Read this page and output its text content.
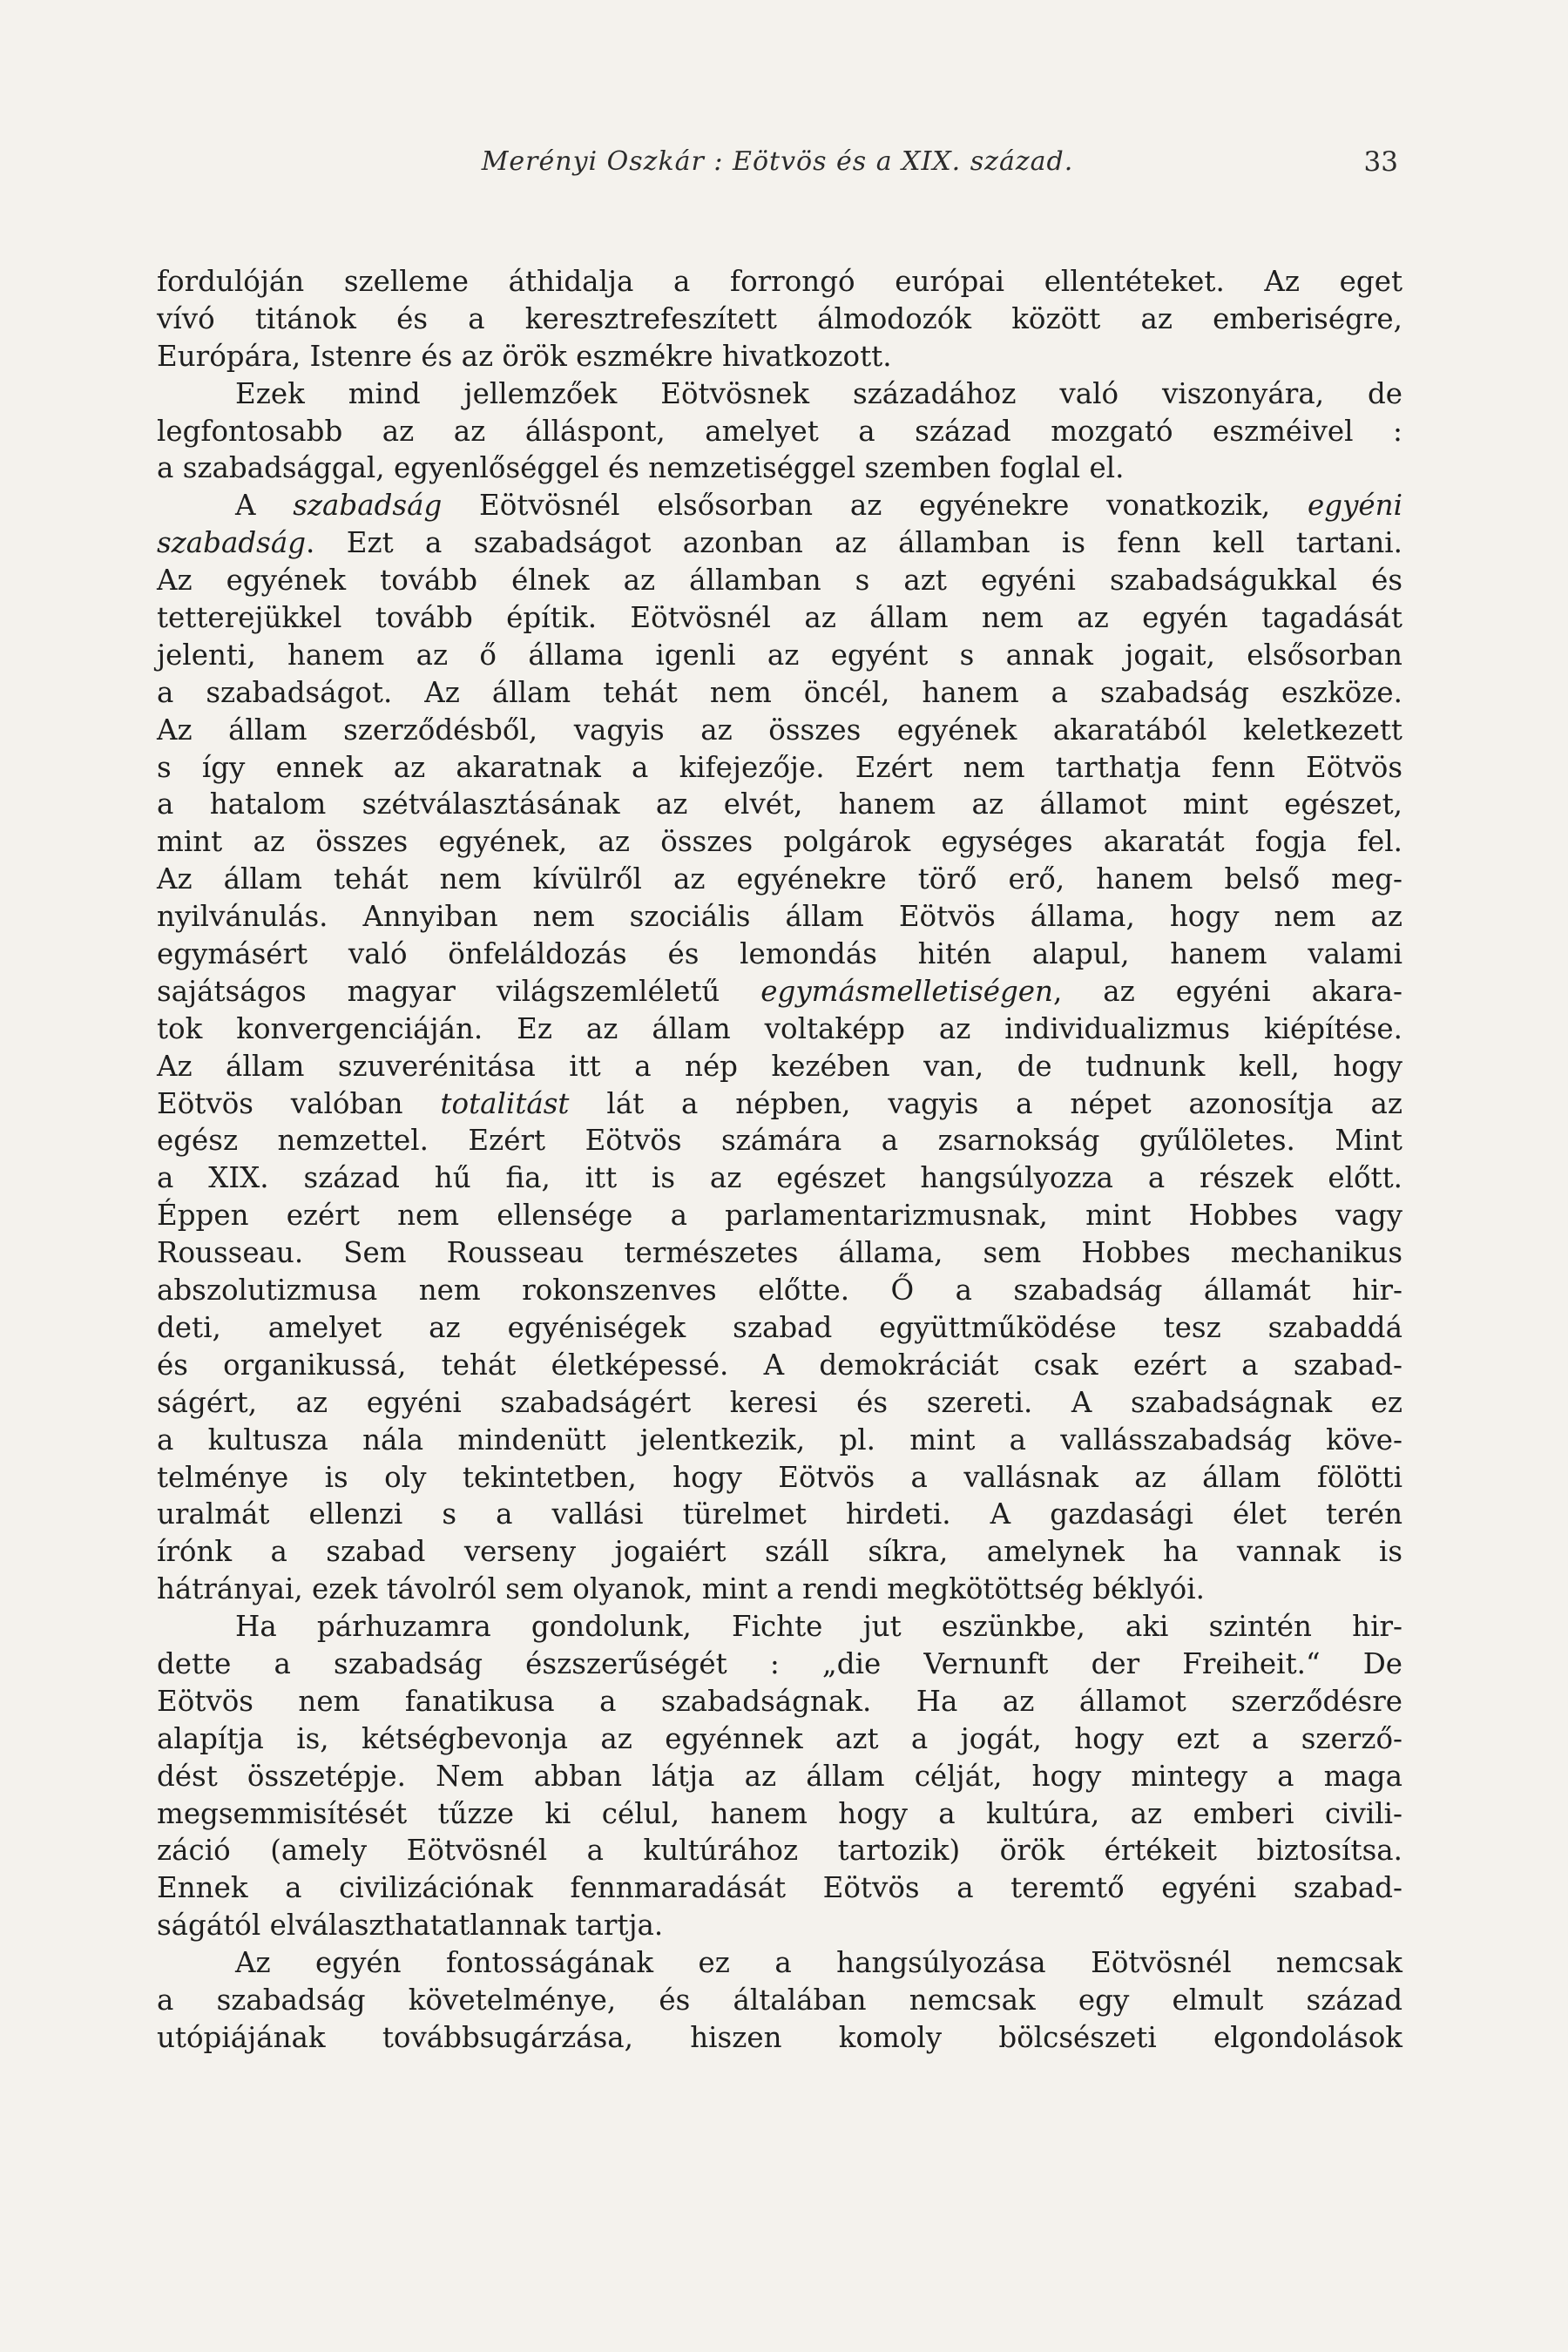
Merényi Oszkár : Eötvös és a XIX. század.	33
fordulóján szelleme áthidalja a forrongó európai ellentéteket. Az eget
vívó titánok és a keresztrefeszített álmodozók között az emberiségre,
Európára, Istenre és az örök eszmékre hivatkozott.
Ezek mind jellemzőek Eötvösnek századához való viszonyára, de
legfontosabb az az álláspont, amelyet a század mozgató eszméivel :
a szabadsággal, egyenlőséggel és nemzetiséggel szemben foglal el.
A szabadság Eötvösnél elsősorban az egyénekre vonatkozik, egyéni
szabadság. Ezt a szabadságot azonban az államban is fenn kell tartani.
Az egyének tovább élnek az államban s azt egyéni szabadságukkal és
tetterejükkel tovább építik. Eötvösnél az állam nem az egyén tagadását
jelenti, hanem az ő állama igenli az egyént s annak jogait, elsősorban
a szabadságot. Az állam tehát nem öncél, hanem a szabadság eszköze.
Az állam szerződésből, vagyis az összes egyének akaratából keletkezett
s így ennek az akaratnak a kifejezője. Ezért nem tarthatja fenn Eötvös
a hatalom szétválasztásának az elvét, hanem az államot mint egészet,
mint az összes egyének, az összes polgárok egységes akaratát fogja fel.
Az állam tehát nem kívülről az egyénekre törő erő, hanem belső meg-
nyilvánulás. Annyiban nem szociális állam Eötvös állama, hogy nem az
egymásért való önfeláldozás és lemondás hitén alapul, hanem valami
sajátságos magyar világszemléletű egymásmelletiségen, az egyéni akara-
tok konvergenciáján. Ez az állam voltaképp az individualizmus kiépítése.
Az állam szuverénitása itt a nép kezében van, de tudnunk kell, hogy
Eötvös valóban totalitást lát a népben, vagyis a népet azonosítja az
egész nemzettel. Ezért Eötvös számára a zsarnokság gyűlöletes. Mint
a XIX. század hű fia, itt is az egészet hangsúlyozza a részek előtt.
Éppen ezért nem ellensége a parlamentarizmusnak, mint Hobbes vagy
Rousseau. Sem Rousseau természetes állama, sem Hobbes mechanikus
abszolutizmusa nem rokonszenves előtte. Ő a szabadság államát hir-
deti, amelyet az egyéniségek szabad együttműködése tesz szabaddá
és organikussá, tehát életképessé. A demokráciát csak ezért a szabad-
ságért, az egyéni szabadságért keresi és szereti. A szabadságnak ez
a kultusza nála mindenütt jelentkezik, pl. mint a vallásszabadság köve-
telménye is oly tekintetben, hogy Eötvös a vallásnak az állam fölötti
uralmát ellenzi s a vallási türelmet hirdeti. A gazdasági élet terén
írónk a szabad verseny jogaiért száll síkra, amelynek ha vannak is
hátrányai, ezek távolról sem olyanok, mint a rendi megkötöttség béklyói.
Ha párhuzamra gondolunk, Fichte jut eszünkbe, aki szintén hir-
dette a szabadság észszerűségét : „die Vernunft der Freiheit.“ De
Eötvös nem fanatikusa a szabadságnak. Ha az államot szerződésre
alapítja is, kétségbevonja az egyénnek azt a jogát, hogy ezt a szerző-
dést összetépje. Nem abban látja az állam célját, hogy mintegy a maga
megsemmisítését tűzze ki célul, hanem hogy a kultúra, az emberi civili-
záció (amely Eötvösnél a kultúrához tartozik) örök értékeit biztosítsa.
Ennek a civilizációnak fennmaradását Eötvös a teremtő egyéni szabad-
ságától elválaszthatatlannak tartja.
Az egyén fontosságának ez a hangsúlyozása Eötvösnél nemcsak
a szabadság követelménye, és általában nemcsak egy elmult század
utópiájának továbbsugárzása, hiszen komoly bölcsészeti elgondolások
